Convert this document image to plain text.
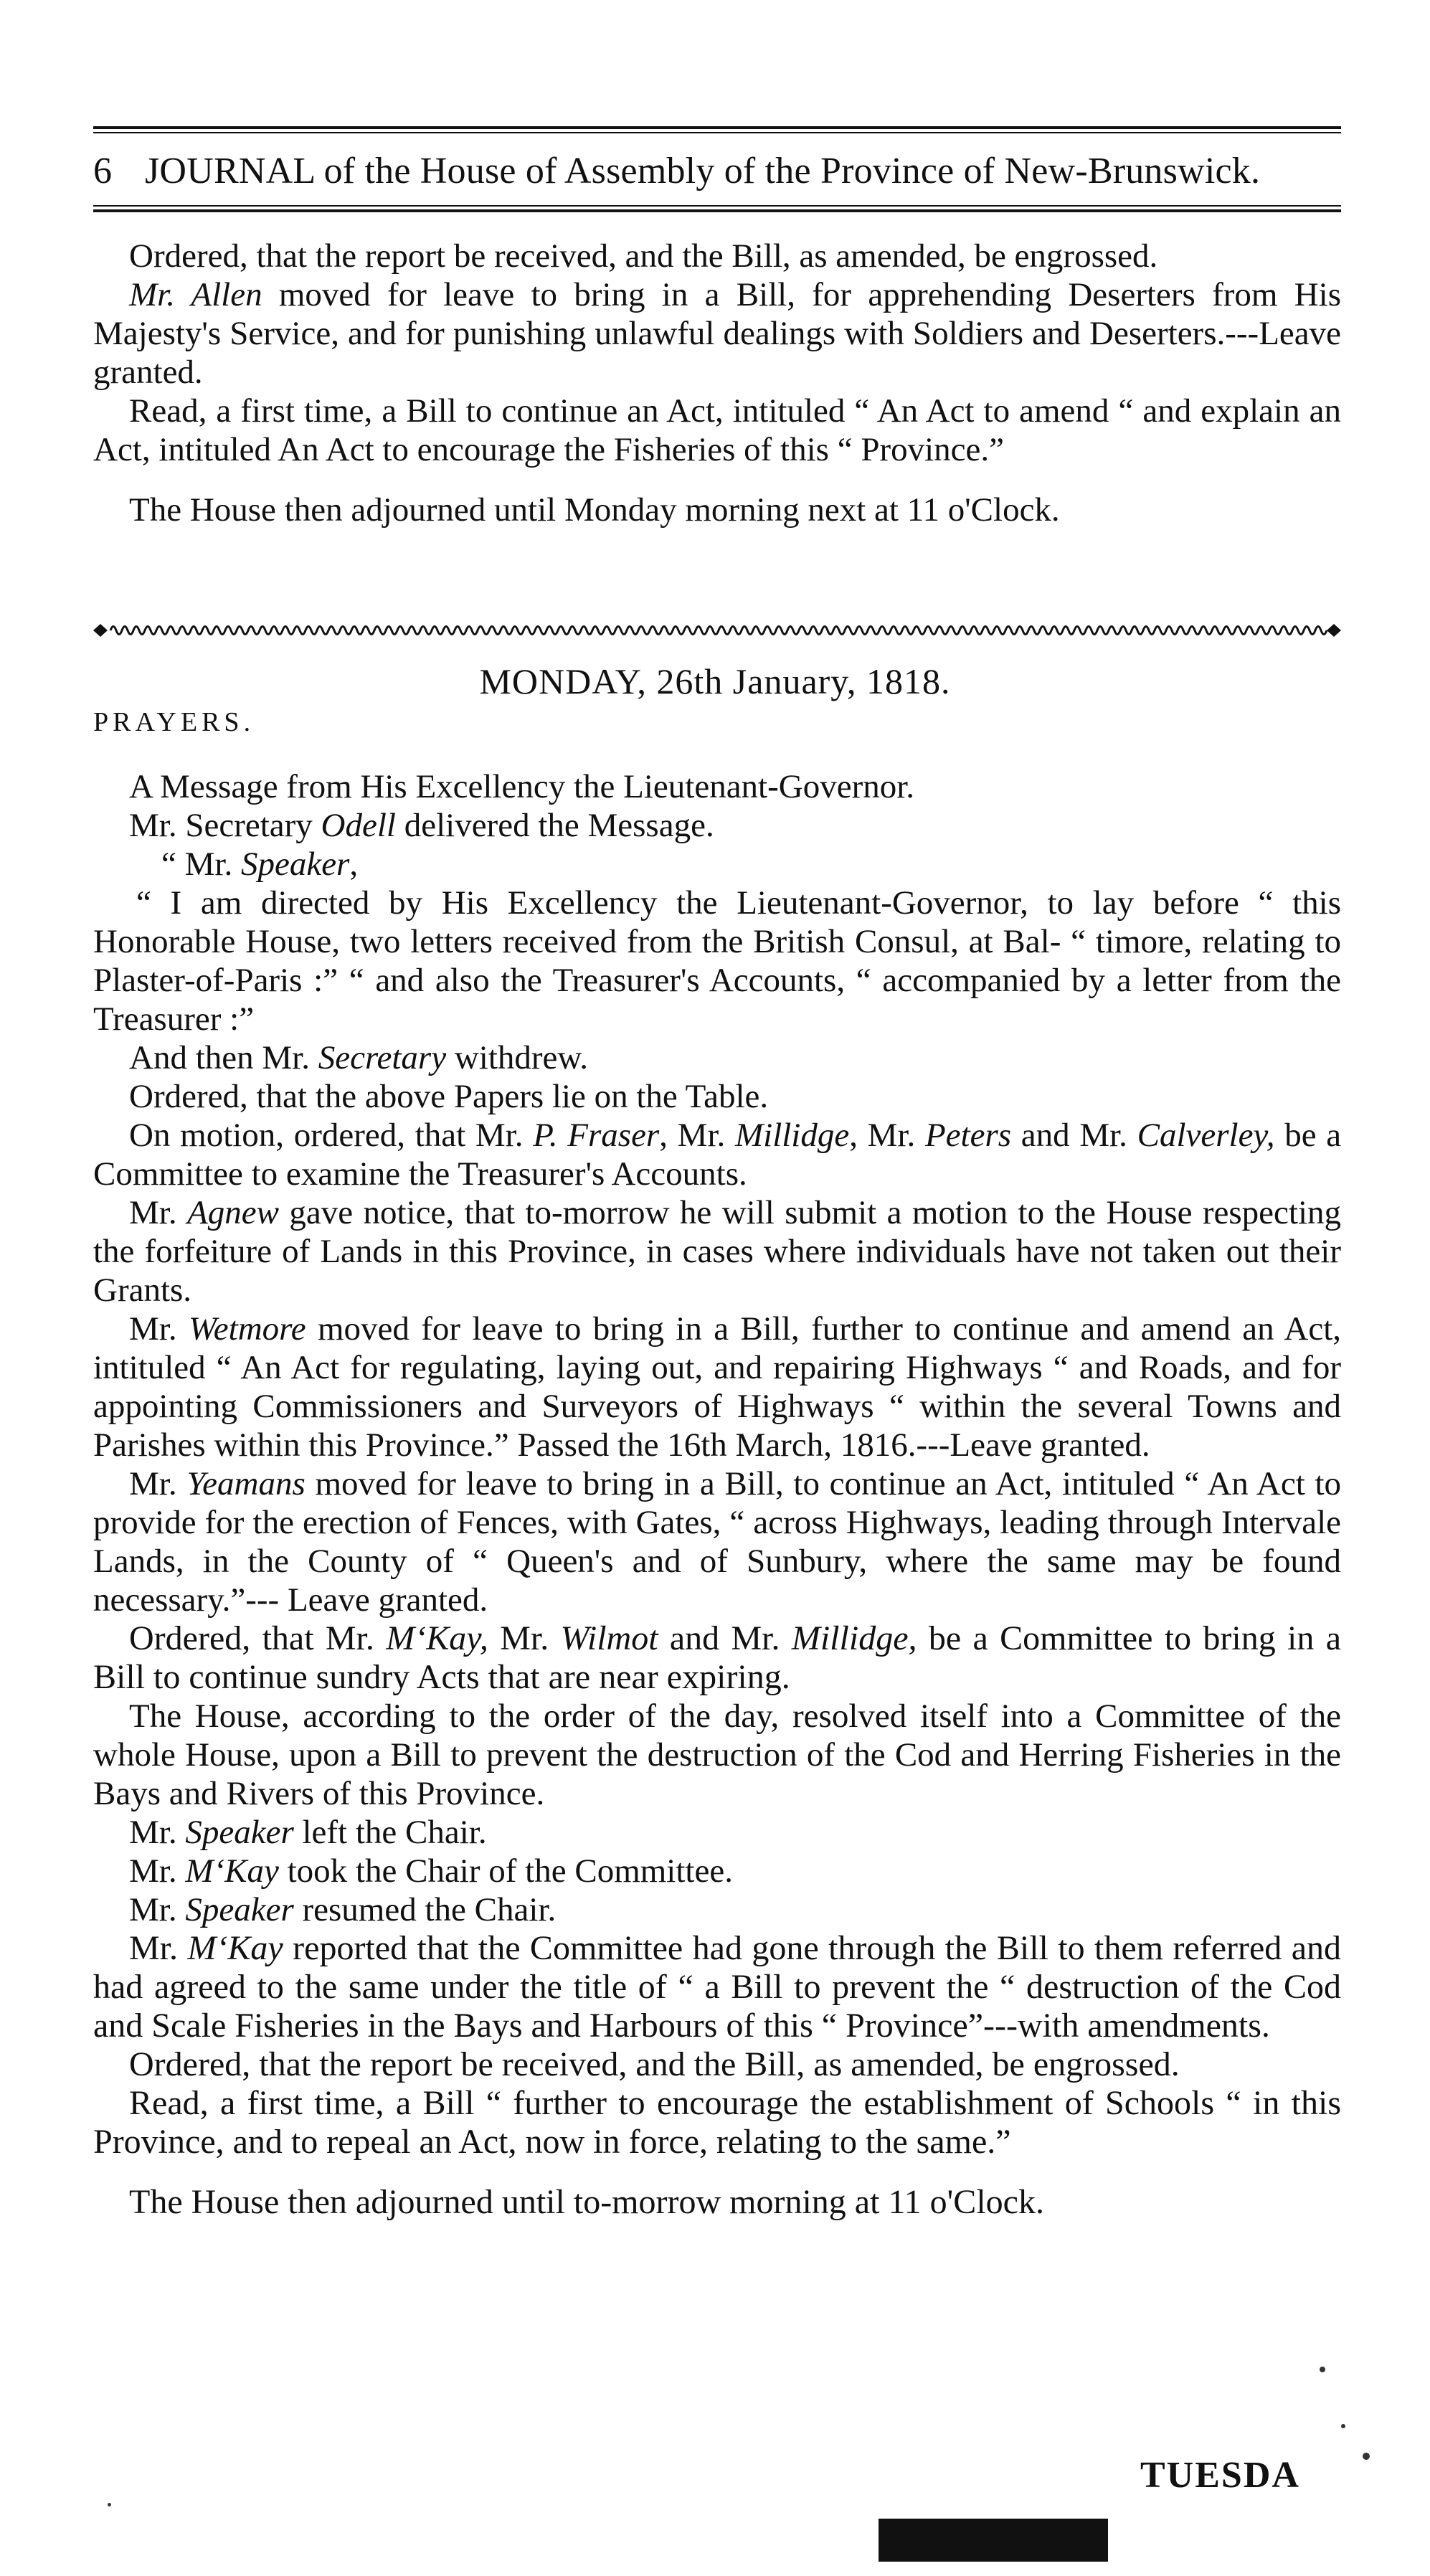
6 JOURNAL of the House of Assembly of the Province of New-Brunswick.

Ordered, that the report be received, and the Bill, as amended, be engrossed.

Mr. Allen moved for leave to bring in a Bill, for apprehending Deserters from His Majesty's Service, and for punishing unlawful dealings with Soldiers and Deserters.---Leave granted.

Read, a first time, a Bill to continue an Act, intituled “ An Act to amend “ and explain an Act, intituled An Act to encourage the Fisheries of this “ Province.”

The House then adjourned until Monday morning next at 11 o'Clock.

MONDAY, 26th January, 1818.
PRAYERS.

A Message from His Excellency the Lieutenant-Governor.

Mr. Secretary Odell delivered the Message.

“ Mr. Speaker,

“ I am directed by His Excellency the Lieutenant-Governor, to lay before “ this Honorable House, two letters received from the British Consul, at Bal- “ timore, relating to Plaster-of-Paris :” “ and also the Treasurer's Accounts, “ accompanied by a letter from the Treasurer :”

And then Mr. Secretary withdrew.

Ordered, that the above Papers lie on the Table.

On motion, ordered, that Mr. P. Fraser, Mr. Millidge, Mr. Peters and Mr. Calverley, be a Committee to examine the Treasurer's Accounts.

Mr. Agnew gave notice, that to-morrow he will submit a motion to the House respecting the forfeiture of Lands in this Province, in cases where individuals have not taken out their Grants.

Mr. Wetmore moved for leave to bring in a Bill, further to continue and amend an Act, intituled “ An Act for regulating, laying out, and repairing Highways “ and Roads, and for appointing Commissioners and Surveyors of Highways “ within the several Towns and Parishes within this Province.” Passed the 16th March, 1816.---Leave granted.

Mr. Yeamans moved for leave to bring in a Bill, to continue an Act, intituled “ An Act to provide for the erection of Fences, with Gates, “ across Highways, leading through Intervale Lands, in the County of “ Queen's and of Sunbury, where the same may be found necessary.”--- Leave granted.

Ordered, that Mr. M‘Kay, Mr. Wilmot and Mr. Millidge, be a Committee to bring in a Bill to continue sundry Acts that are near expiring.

The House, according to the order of the day, resolved itself into a Committee of the whole House, upon a Bill to prevent the destruction of the Cod and Herring Fisheries in the Bays and Rivers of this Province.

Mr. Speaker left the Chair.

Mr. M‘Kay took the Chair of the Committee.

Mr. Speaker resumed the Chair.

Mr. M‘Kay reported that the Committee had gone through the Bill to them referred and had agreed to the same under the title of “ a Bill to prevent the “ destruction of the Cod and Scale Fisheries in the Bays and Harbours of this “ Province”---with amendments.

Ordered, that the report be received, and the Bill, as amended, be engrossed.

Read, a first time, a Bill “ further to encourage the establishment of Schools “ in this Province, and to repeal an Act, now in force, relating to the same.”

The House then adjourned until to-morrow morning at 11 o'Clock.

TUESDA
